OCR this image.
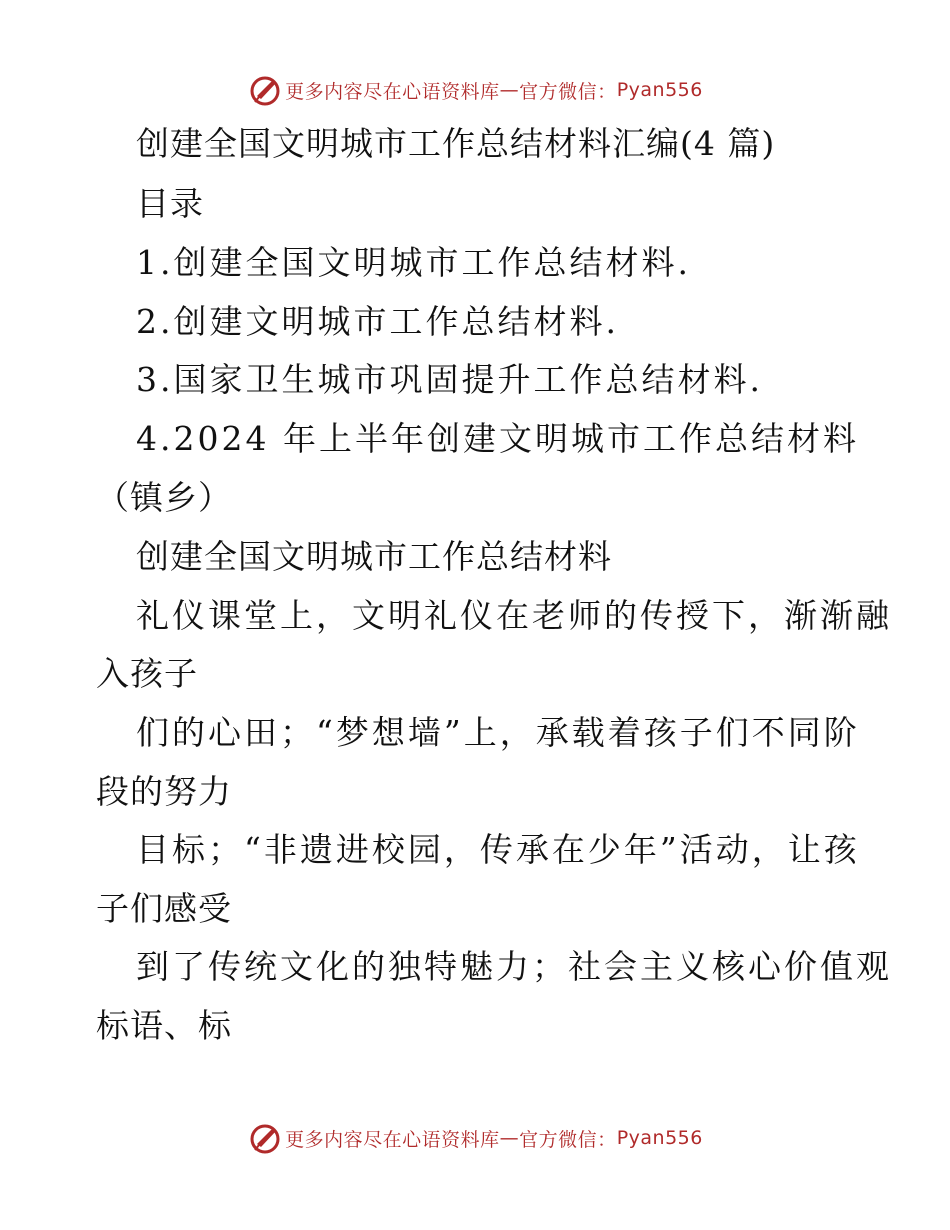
更多内容尽在心语资料库 — 官方微信： Pyan556
创建全国文明城市工作总结材料汇编(4 篇)
目录
1.创建全国文明城市工作总结材料.
2.创建文明城市工作总结材料.
3.国家卫生城市巩固提升工作总结材料.
4.2024 年上半年创建文明城市工作总结材料
（镇乡）
创建全国文明城市工作总结材料
礼仪课堂上，文明礼仪在老师的传授下，渐渐融
入孩子
们的心田；“梦想墙”上，承载着孩子们不同阶
段的努力
目标；“非遗进校园，传承在少年”活动，让孩
子们感受
到了传统文化的独特魅力；社会主义核心价值观
标语、标
更多内容尽在心语资料库 — 官方微信： Pyan556
